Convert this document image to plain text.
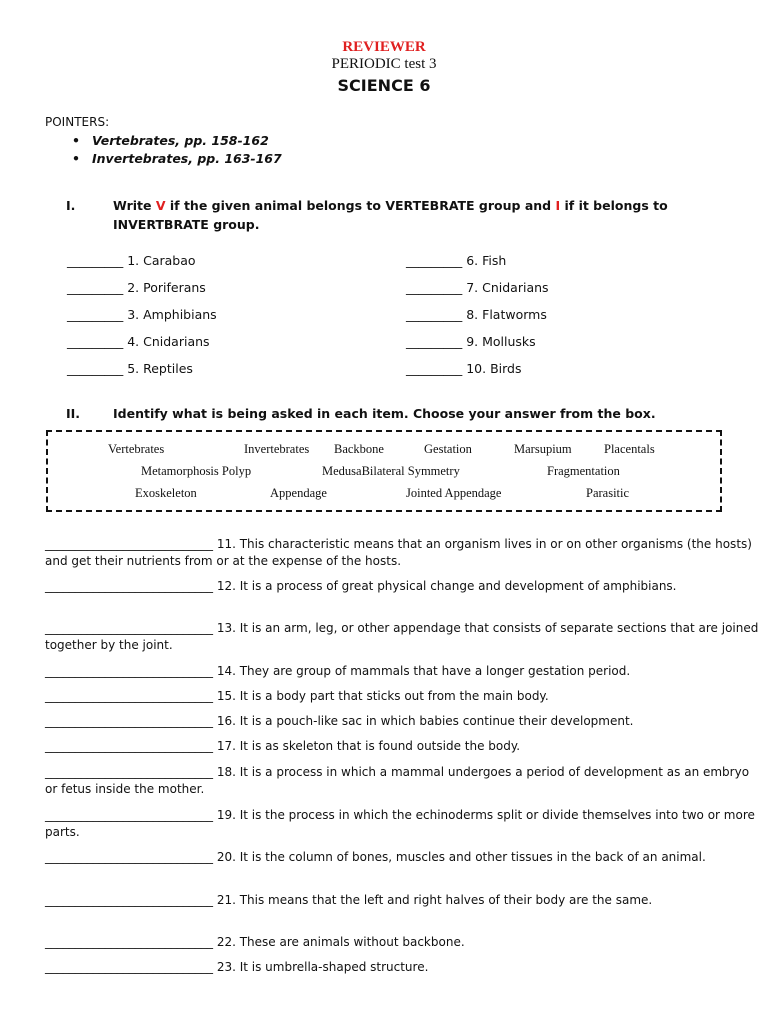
REVIEWER
PERIODIC test 3
SCIENCE 6
POINTERS:
• Vertebrates, pp. 158-162
• Invertebrates, pp. 163-167
I.	Write V if the given animal belongs to VERTEBRATE group and I if it belongs to
INVERTBRATE group.
_________ 1. Carabao
_________ 2. Poriferans
_________ 3. Amphibians
_________ 4. Cnidarians
_________ 5. Reptiles
_________ 6. Fish
_________ 7. Cnidarians
_________ 8. Flatworms
_________ 9. Mollusks
_________ 10. Birds
II.	Identify what is being asked in each item. Choose your answer from the box.
Vertebrates	Invertebrates Backbone	Gestation	Marsupium	Placentals
Metamorphosis Polyp	MedusaBilateral Symmetry	Fragmentation
Exoskeleton	Appendage	Jointed Appendage	Parasitic
____________________________ 11. This characteristic means that an organism lives in or on other organisms (the hosts) and get their nutrients from or at the expense of the hosts.
____________________________ 12. It is a process of great physical change and development of amphibians.
____________________________ 13. It is an arm, leg, or other appendage that consists of separate sections that are joined together by the joint.
____________________________ 14. They are group of mammals that have a longer gestation period.
____________________________ 15. It is a body part that sticks out from the main body.
____________________________ 16. It is a pouch-like sac in which babies continue their development.
____________________________ 17. It is as skeleton that is found outside the body.
____________________________ 18. It is a process in which a mammal undergoes a period of development as an embryo or fetus inside the mother.
____________________________ 19. It is the process in which the echinoderms split or divide themselves into two or more parts.
____________________________ 20. It is the column of bones, muscles and other tissues in the back of an animal.
____________________________ 21. This means that the left and right halves of their body are the same.
____________________________ 22. These are animals without backbone.
____________________________ 23. It is umbrella-shaped structure.
